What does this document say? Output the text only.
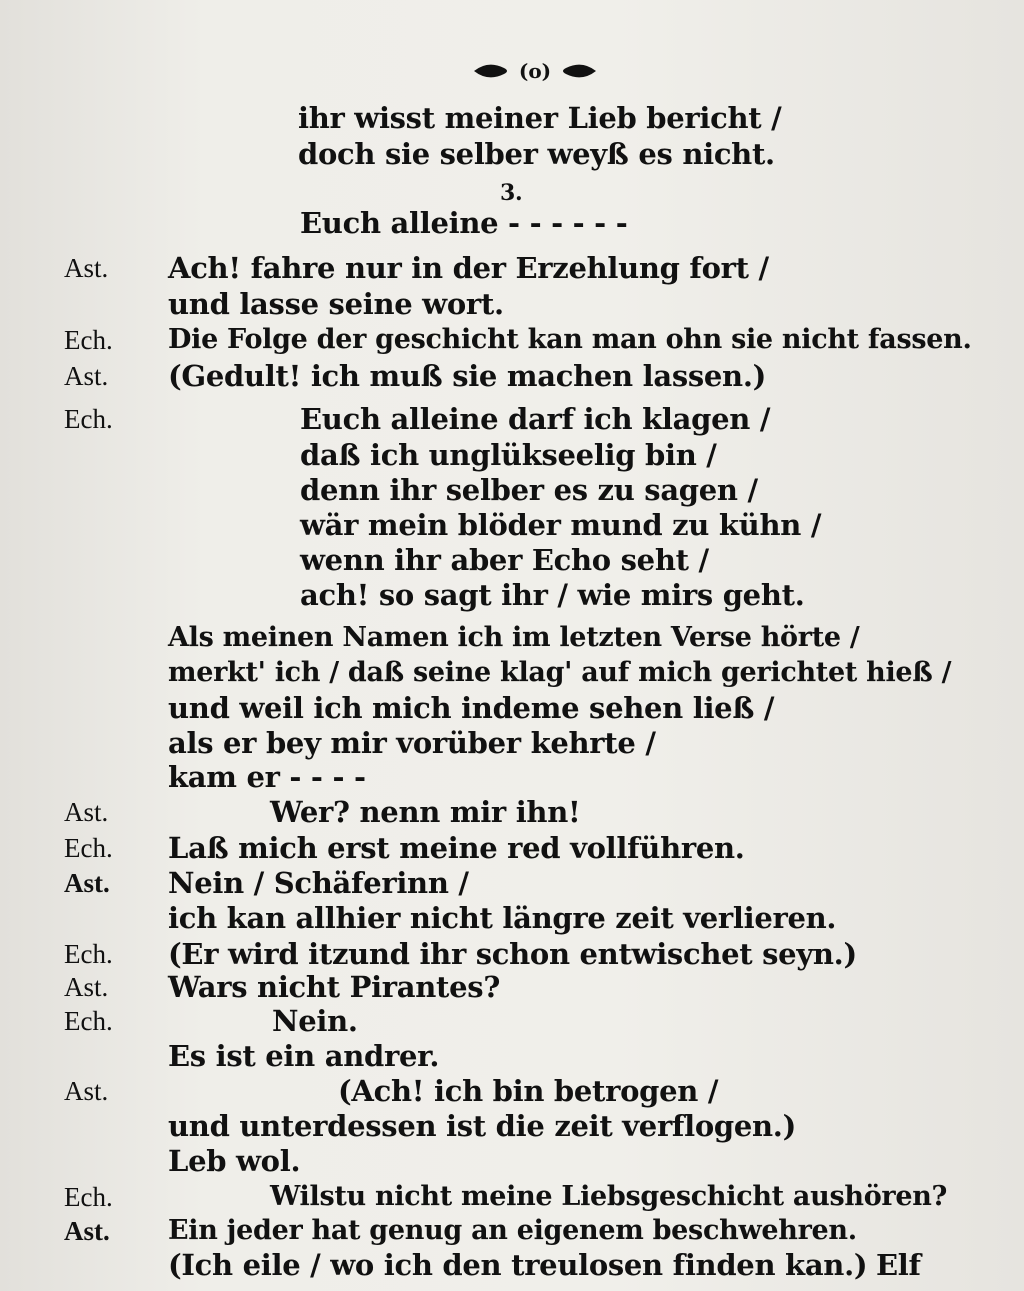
(o)
ihr wisst meiner Lieb bericht /
doch sie selber weyß es nicht.
3.
Euch alleine - - - - - -
Ast. Ach! fahre nur in der Erzehlung fort /
und lasse seine wort.
Ech. Die Folge der geschicht kan man ohn sie nicht fassen.
Ast. (Gedult! ich muß sie machen lassen.)
Ech.	Euch alleine darf ich klagen /
daß ich unglükseelig bin /
denn ihr selber es zu sagen /
wär mein blöder mund zu kühn /
wenn ihr aber Echo seht /
ach! so sagt ihr / wie mirs geht.
Als meinen Namen ich im letzten Verse hörte /
merkt' ich / daß seine klag' auf mich gerichtet hieß /
und weil ich mich indeme sehen ließ /
als er bey mir vorüber kehrte /
kam er - - - -
Ast.	Wer? nenn mir ihn!
Ech. Laß mich erst meine red vollführen.
Ast. Nein / Schäferinn /
ich kan allhier nicht längre zeit verlieren.
Ech. (Er wird itzund ihr schon entwischet seyn.)
Ast. Wars nicht Pirantes?
Ech.	Nein.
Es ist ein andrer.
Ast.	(Ach! ich bin betrogen /
und unterdessen ist die zeit verflogen.)
Leb wol.
Ech.	Wilstu nicht meine Liebsgeschicht aushören?
Ast. Ein jeder hat genug an eigenem beschwehren.
(Ich eile / wo ich den treulosen finden kan.) Elf
